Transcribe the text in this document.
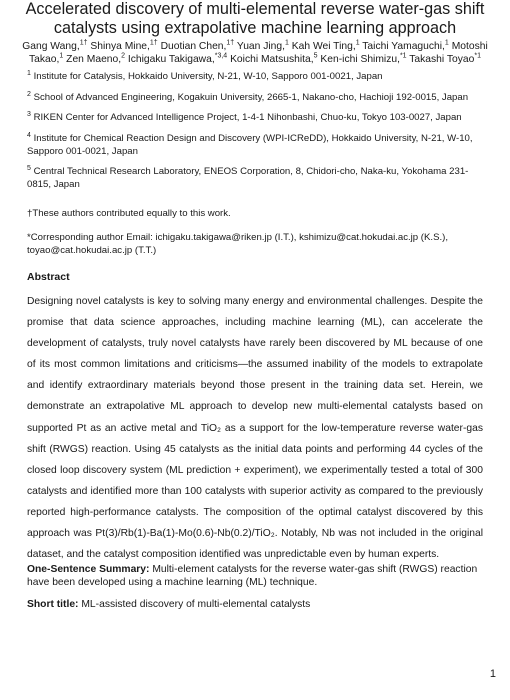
Accelerated discovery of multi-elemental reverse water-gas shift catalysts using extrapolative machine learning approach

Gang Wang,$^{1\dagger}$ Shinya Mine,$^{1\dagger}$ Duotian Chen,$^{1\dagger}$ Yuan Jing,$^1$ Kah Wei Ting,$^1$ Taichi Yamaguchi,$^1$ Motoshi Takao,$^1$ Zen Maeno,$^2$ Ichigaku Takigawa,$^{*3,4}$ Koichi Matsushita,$^5$ Ken-ichi Shimizu,$^{*1}$ Takashi Toyao$^{*1}$

$^1$ Institute for Catalysis, Hokkaido University, N-21, W-10, Sapporo 001-0021, Japan

$^2$ School of Advanced Engineering, Kogakuin University, 2665-1, Nakano-cho, Hachioji 192-0015, Japan

$^3$ RIKEN Center for Advanced Intelligence Project, 1-4-1 Nihonbashi, Chuo-ku, Tokyo 103-0027, Japan

$^4$ Institute for Chemical Reaction Design and Discovery (WPI-ICReDD), Hokkaido University, N-21, W-10, Sapporo 001-0021, Japan

$^5$ Central Technical Research Laboratory, ENEOS Corporation, 8, Chidori-cho, Naka-ku, Yokohama 231-0815, Japan

†These authors contributed equally to this work.

*Corresponding author Email: ichigaku.takigawa@riken.jp (I.T.), kshimizu@cat.hokudai.ac.jp (K.S.), toyao@cat.hokudai.ac.jp (T.T.)

Abstract

Designing novel catalysts is key to solving many energy and environmental challenges. Despite the promise that data science approaches, including machine learning (ML), can accelerate the development of catalysts, truly novel catalysts have rarely been discovered by ML because of one of its most common limitations and criticisms—the assumed inability of the models to extrapolate and identify extraordinary materials beyond those present in the training data set. Herein, we demonstrate an extrapolative ML approach to develop new multi-elemental catalysts based on supported Pt as an active metal and TiO₂ as a support for the low-temperature reverse water-gas shift (RWGS) reaction. Using 45 catalysts as the initial data points and performing 44 cycles of the closed loop discovery system (ML prediction + experiment), we experimentally tested a total of 300 catalysts and identified more than 100 catalysts with superior activity as compared to the previously reported high-performance catalysts. The composition of the optimal catalyst discovered by this approach was Pt(3)/Rb(1)-Ba(1)-Mo(0.6)-Nb(0.2)/TiO₂. Notably, Nb was not included in the original dataset, and the catalyst composition identified was unpredictable even by human experts.

One-Sentence Summary: Multi-element catalysts for the reverse water-gas shift (RWGS) reaction have been developed using a machine learning (ML) technique.

Short title: ML-assisted discovery of multi-elemental catalysts

1
